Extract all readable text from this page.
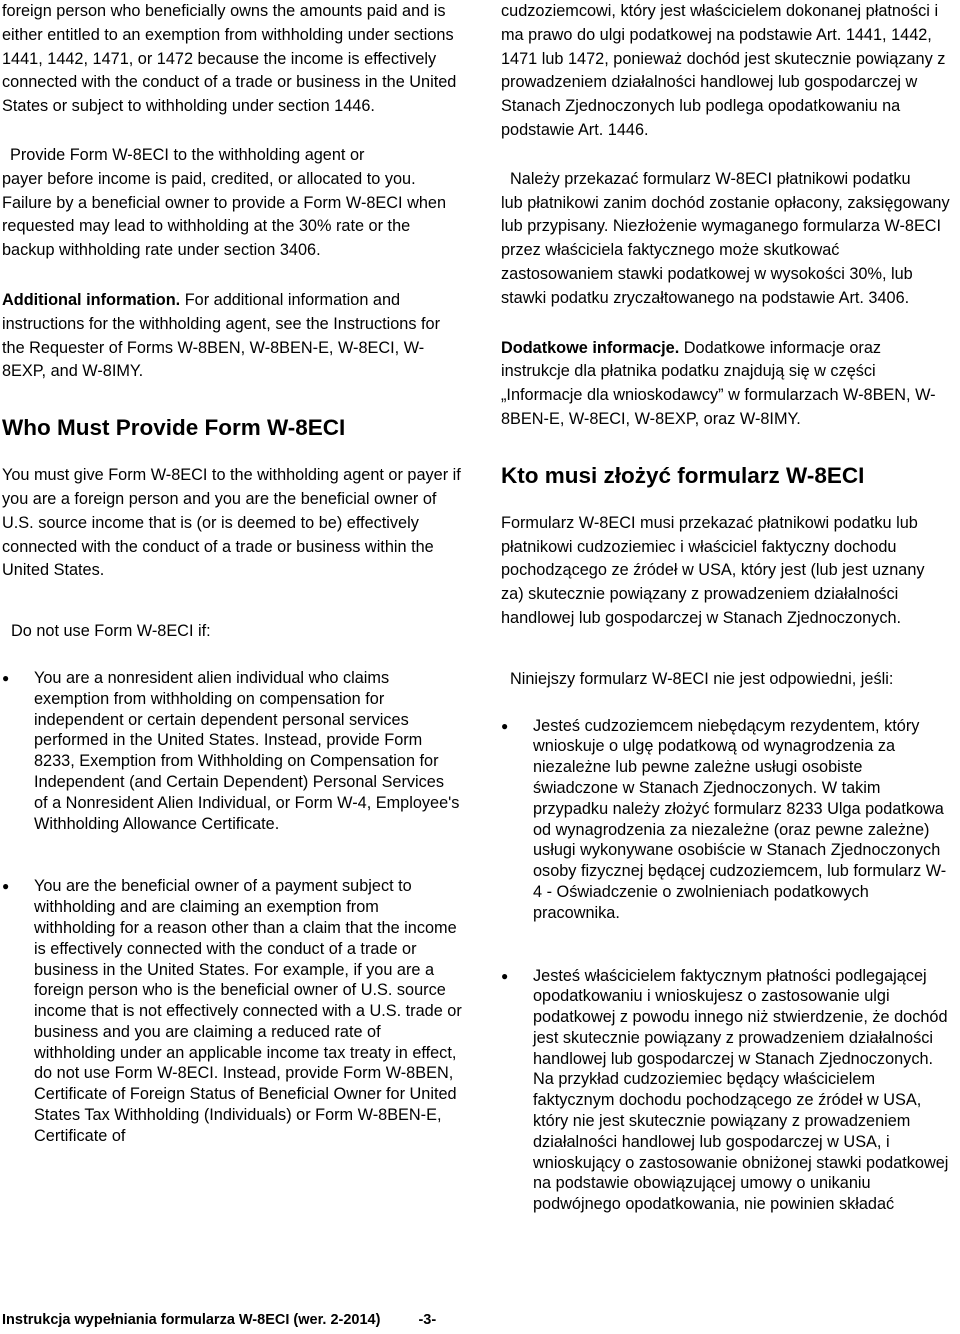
foreign person who beneficially owns the amounts paid and is either entitled to an exemption from withholding under sections 1441, 1442, 1471, or 1472 because the income is effectively connected with the conduct of a trade or business in the United States or subject to withholding under section 1446.

Provide Form W-8ECI to the withholding agent or
payer before income is paid, credited, or allocated to you. Failure by a beneficial owner to provide a Form W-8ECI when requested may lead to withholding at the 30% rate or the backup withholding rate under section 3406.

Additional information. For additional information and instructions for the withholding agent, see the Instructions for the Requester of Forms W-8BEN, W-8BEN-E, W-8ECI, W-8EXP, and W-8IMY.

Who Must Provide Form W-8ECI

You must give Form W-8ECI to the withholding agent or payer if you are a foreign person and you are the beneficial owner of U.S. source income that is (or is deemed to be) effectively connected with the conduct of a trade or business within the United States.

Do not use Form W-8ECI if:

● You are a nonresident alien individual who claims exemption from withholding on compensation for independent or certain dependent personal services performed in the United States. Instead, provide Form 8233, Exemption from Withholding on Compensation for Independent (and Certain Dependent) Personal Services of a Nonresident Alien Individual, or Form W-4, Employee's Withholding Allowance Certificate.
● You are the beneficial owner of a payment subject to withholding and are claiming an exemption from withholding for a reason other than a claim that the income is effectively connected with the conduct of a trade or business in the United States. For example, if you are a foreign person who is the beneficial owner of U.S. source income that is not effectively connected with a U.S. trade or business and you are claiming a reduced rate of withholding under an applicable income tax treaty in effect, do not use Form W-8ECI. Instead, provide Form W-8BEN, Certificate of Foreign Status of Beneficial Owner for United States Tax Withholding (Individuals) or Form W-8BEN-E, Certificate of

cudzoziemcowi, który jest właścicielem dokonanej płatności i ma prawo do ulgi podatkowej na podstawie Art. 1441, 1442, 1471 lub 1472, ponieważ dochód jest skutecznie powiązany z prowadzeniem działalności handlowej lub gospodarczej w Stanach Zjednoczonych lub podlega opodatkowaniu na podstawie Art. 1446.

Należy przekazać formularz W-8ECI płatnikowi podatku
lub płatnikowi zanim dochód zostanie opłacony, zaksięgowany lub przypisany. Niezłożenie wymaganego formularza W-8ECI przez właściciela faktycznego może skutkować zastosowaniem stawki podatkowej w wysokości 30%, lub stawki podatku zryczałtowanego na podstawie Art. 3406.

Dodatkowe informacje. Dodatkowe informacje oraz instrukcje dla płatnika podatku znajdują się w części „Informacje dla wnioskodawcy” w formularzach W-8BEN, W-8BEN-E, W-8ECI, W-8EXP, oraz W-8IMY.

Kto musi złożyć formularz W-8ECI

Formularz W-8ECI musi przekazać płatnikowi podatku lub płatnikowi cudzoziemiec i właściciel faktyczny dochodu pochodzącego ze źródeł w USA, który jest (lub jest uznany za) skutecznie powiązany z prowadzeniem działalności handlowej lub gospodarczej w Stanach Zjednoczonych.

Niniejszy formularz W-8ECI nie jest odpowiedni, jeśli:

● Jesteś cudzoziemcem niebędącym rezydentem, który wnioskuje o ulgę podatkową od wynagrodzenia za niezależne lub pewne zależne usługi osobiste świadczone w Stanach Zjednoczonych. W takim przypadku należy złożyć formularz 8233 Ulga podatkowa od wynagrodzenia za niezależne (oraz pewne zależne) usługi wykonywane osobiście w Stanach Zjednoczonych osoby fizycznej będącej cudzoziemcem, lub formularz W-4 - Oświadczenie o zwolnieniach podatkowych pracownika.
● Jesteś właścicielem faktycznym płatności podlegającej opodatkowaniu i wnioskujesz o zastosowanie ulgi podatkowej z powodu innego niż stwierdzenie, że dochód jest skutecznie powiązany z prowadzeniem działalności handlowej lub gospodarczej w Stanach Zjednoczonych. Na przykład cudzoziemiec będący właścicielem faktycznym dochodu pochodzącego ze źródeł w USA, który nie jest skutecznie powiązany z prowadzeniem działalności handlowej lub gospodarczej w USA, i wnioskujący o zastosowanie obniżonej stawki podatkowej na podstawie obowiązującej umowy o unikaniu podwójnego opodatkowania, nie powinien składać
Instrukcja wypełniania formularza W-8ECI (wer. 2-2014)	-3-
